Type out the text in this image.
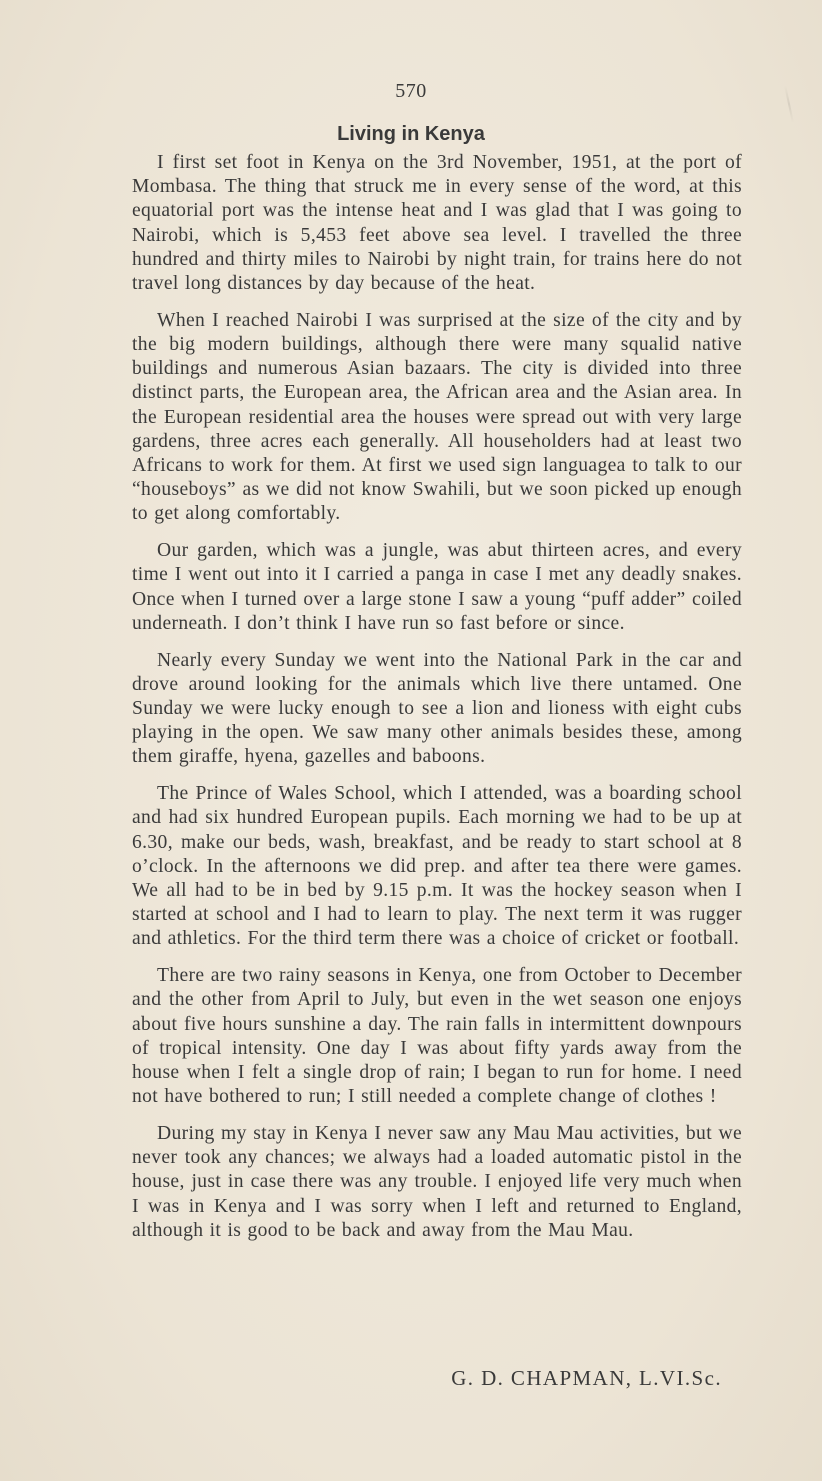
570
Living in Kenya

I first set foot in Kenya on the 3rd November, 1951, at the port of Mombasa. The thing that struck me in every sense of the word, at this equatorial port was the intense heat and I was glad that I was going to Nairobi, which is 5,453 feet above sea level. I travelled the three hundred and thirty miles to Nairobi by night train, for trains here do not travel long distances by day because of the heat.

When I reached Nairobi I was surprised at the size of the city and by the big modern buildings, although there were many squalid native buildings and numerous Asian bazaars. The city is divided into three distinct parts, the European area, the African area and the Asian area. In the European residential area the houses were spread out with very large gardens, three acres each generally. All householders had at least two Africans to work for them. At first we used sign languagea to talk to our “houseboys” as we did not know Swahili, but we soon picked up enough to get along comfortably.

Our garden, which was a jungle, was abut thirteen acres, and every time I went out into it I carried a panga in case I met any deadly snakes. Once when I turned over a large stone I saw a young “puff adder” coiled underneath. I don’t think I have run so fast before or since.

Nearly every Sunday we went into the National Park in the car and drove around looking for the animals which live there untamed. One Sunday we were lucky enough to see a lion and lioness with eight cubs playing in the open. We saw many other animals besides these, among them giraffe, hyena, gazelles and baboons.

The Prince of Wales School, which I attended, was a boarding school and had six hundred European pupils. Each morning we had to be up at 6.30, make our beds, wash, breakfast, and be ready to start school at 8 o’clock. In the afternoons we did prep. and after tea there were games. We all had to be in bed by 9.15 p.m. It was the hockey season when I started at school and I had to learn to play. The next term it was rugger and athletics. For the third term there was a choice of cricket or football.

There are two rainy seasons in Kenya, one from October to December and the other from April to July, but even in the wet season one enjoys about five hours sunshine a day. The rain falls in intermittent downpours of tropical intensity. One day I was about fifty yards away from the house when I felt a single drop of rain; I began to run for home. I need not have bothered to run; I still needed a complete change of clothes !

During my stay in Kenya I never saw any Mau Mau activities, but we never took any chances; we always had a loaded automatic pistol in the house, just in case there was any trouble. I enjoyed life very much when I was in Kenya and I was sorry when I left and returned to England, although it is good to be back and away from the Mau Mau.

G. D. CHAPMAN, L.VI.Sc.
